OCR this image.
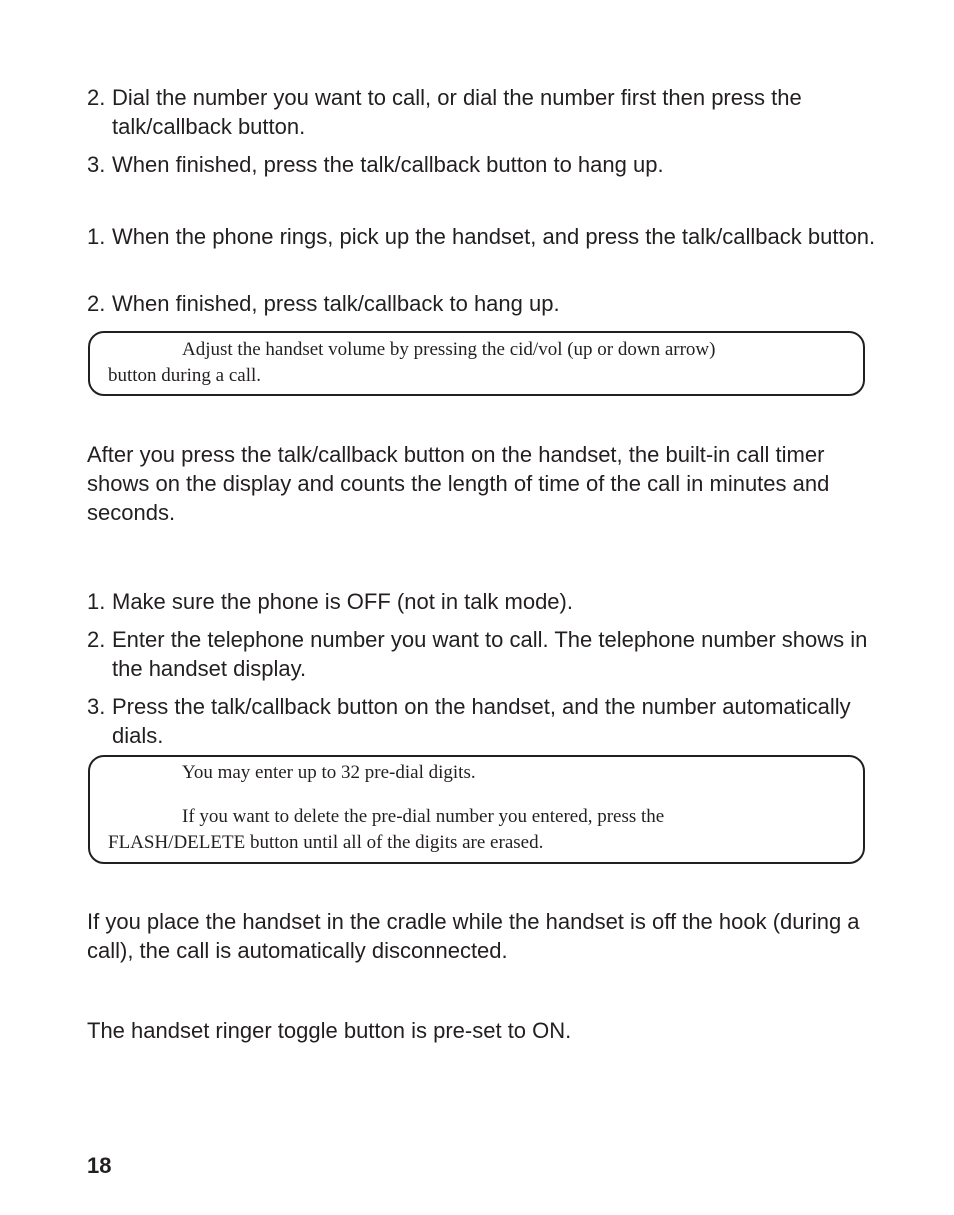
2. Dial the number you want to call, or dial the number first then press the talk/callback button.
3. When finished, press the talk/callback button to hang up.
1. When the phone rings, pick up the handset, and press the talk/callback button.
2. When finished, press talk/callback to hang up.

Adjust the handset volume by pressing the cid/vol (up or down arrow)

button during a call.

After you press the talk/callback button on the handset, the built-in call timer shows on the display and counts the length of time of the call in minutes and seconds.

1. Make sure the phone is OFF (not in talk mode).
2. Enter the telephone number you want to call. The telephone number shows in the handset display.
3. Press the talk/callback button on the handset, and the number automatically dials.

You may enter up to 32 pre-dial digits.

If you want to delete the pre-dial number you entered, press the

FLASH/DELETE button until all of the digits are erased.

If you place the handset in the cradle while the handset is off the hook (during a call), the call is automatically disconnected.

The handset ringer toggle button is pre-set to ON.

18
